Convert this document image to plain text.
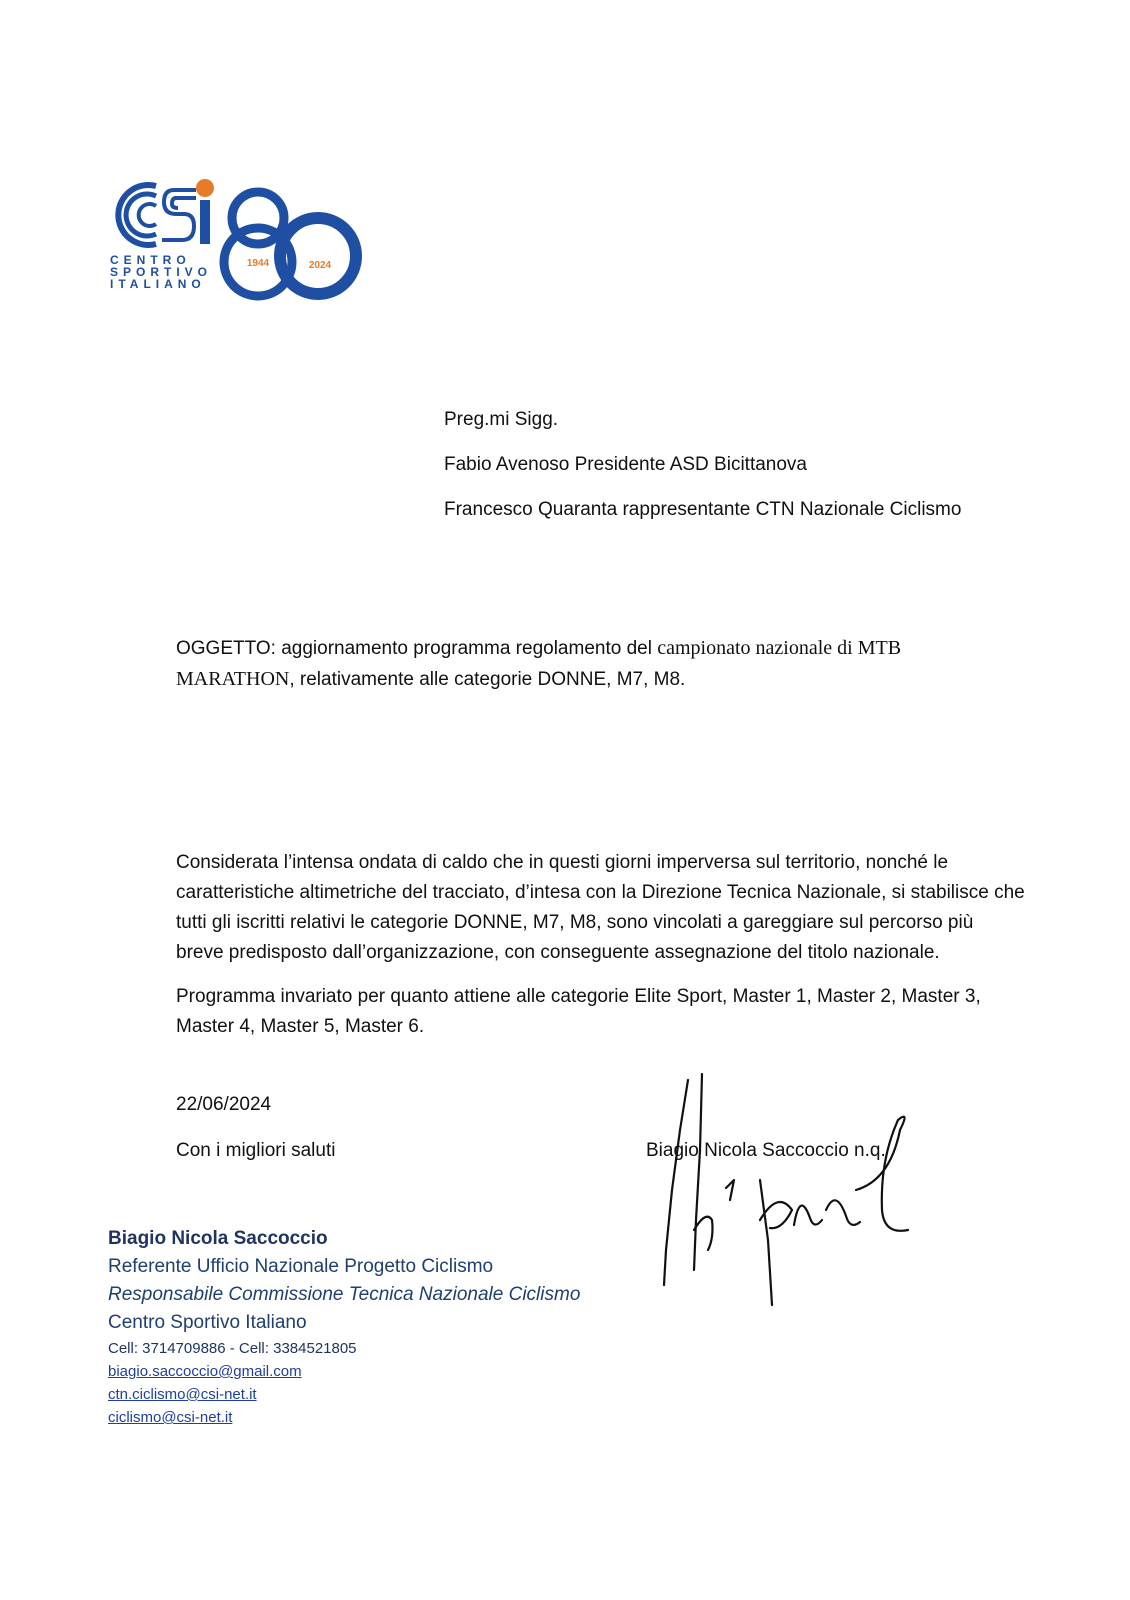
CENTRO
SPORTIVO
ITALIANO
1944	2024
Preg.mi Sigg.
Fabio Avenoso Presidente ASD Bicittanova
Francesco Quaranta rappresentante CTN Nazionale Ciclismo
OGGETTO: aggiornamento programma regolamento del campionato nazionale di MTB MARATHON, relativamente alle categorie DONNE, M7, M8.

Considerata l’intensa ondata di caldo che in questi giorni imperversa sul territorio, nonché le caratteristiche altimetriche del tracciato, d’intesa con la Direzione Tecnica Nazionale, si stabilisce che tutti gli iscritti relativi le categorie DONNE, M7, M8, sono vincolati a gareggiare sul percorso più breve predisposto dall’organizzazione, con conseguente assegnazione del titolo nazionale.

Programma invariato per quanto attiene alle categorie Elite Sport, Master 1, Master 2, Master 3, Master 4, Master 5, Master 6.

22/06/2024
Con i migliori saluti	Biagio Nicola Saccoccio n.q.
Biagio Nicola Saccoccio
Referente Ufficio Nazionale Progetto Ciclismo
Responsabile Commissione Tecnica Nazionale Ciclismo
Centro Sportivo Italiano
Cell: 3714709886 - Cell: 3384521805
biagio.saccoccio@gmail.com
ctn.ciclismo@csi-net.it
ciclismo@csi-net.it
